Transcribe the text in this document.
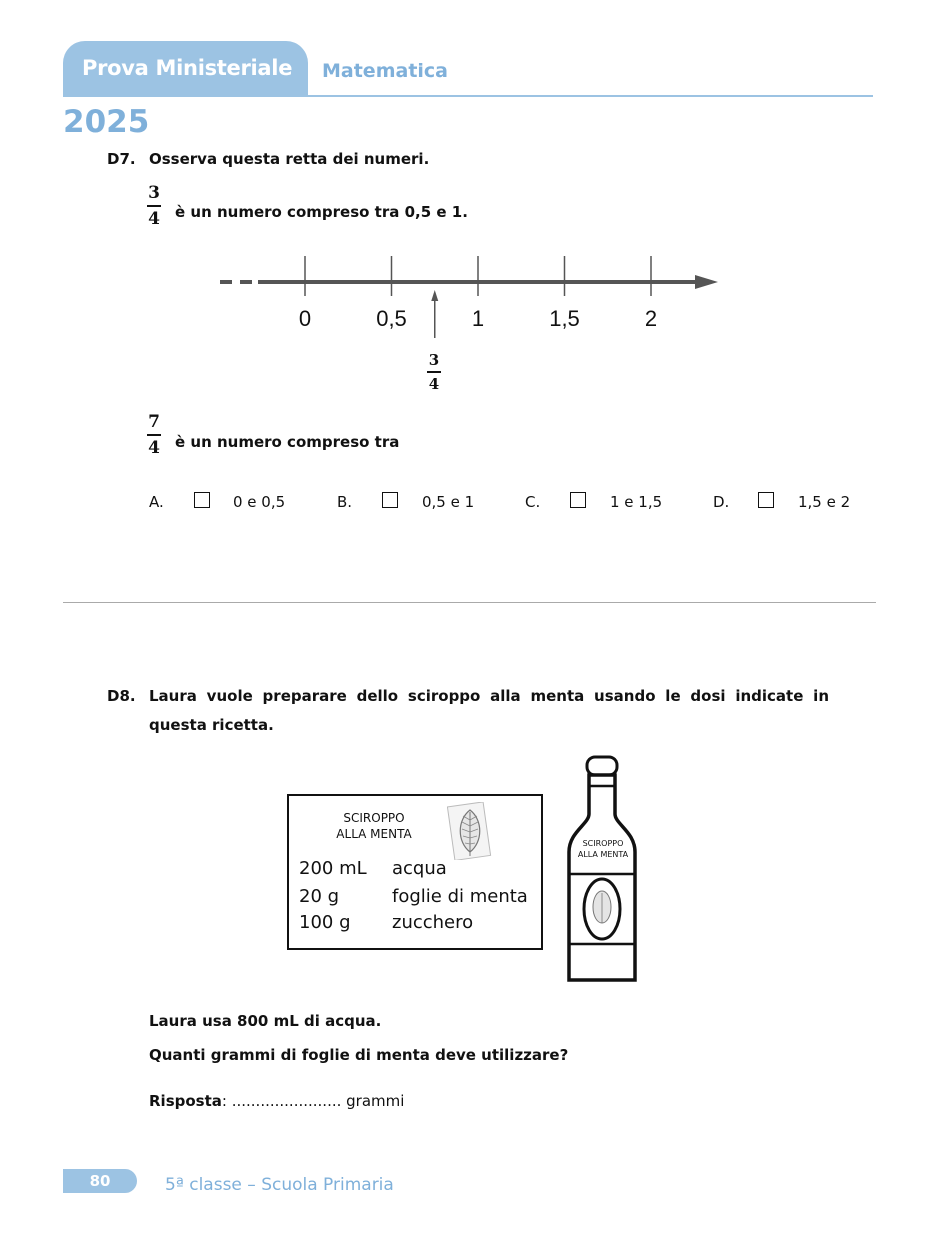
Prova Ministeriale Matematica
2025
D7. Osserva questa retta dei numeri.
3
4 è un numero compreso tra 0,5 e 1.
0	0,5	1	1,5	2
3
4
7
4 è un numero compreso tra
A.	0 e 0,5	B.	0,5 e 1	C.	1 e 1,5	D.	1,5 e 2
D8. Laura vuole preparare dello sciroppo alla menta usando le dosi indicate in
questa ricetta.
SCIROPPO
ALLA MENTA
200 mL acqua
20 g	foglie di menta
100 g zucchero
SCIROPPO
ALLA MENTA
Laura usa 800 mL di acqua.
Quanti grammi di foglie di menta deve utilizzare?
Risposta: ....................... grammi
80	5ª classe – Scuola Primaria
